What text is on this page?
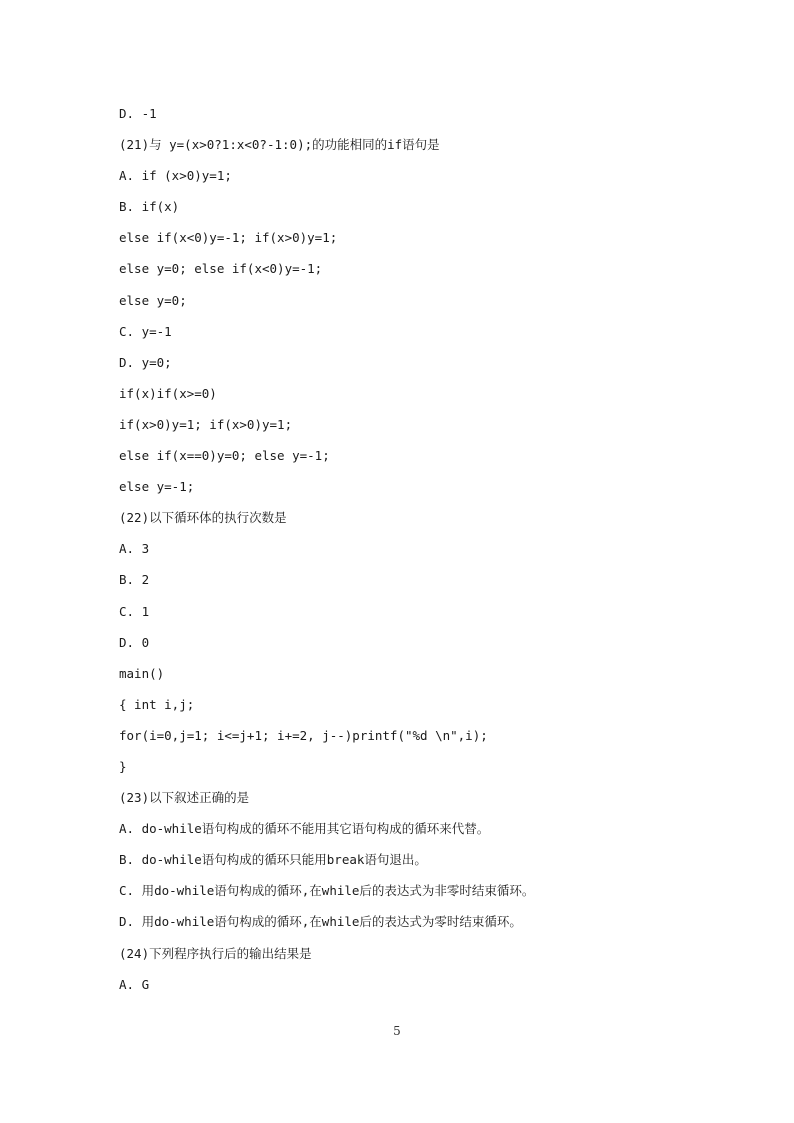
D. -1
(21)与 y=(x>0?1:x<0?-1:0);的功能相同的if语句是
A. if (x>0)y=1;
B. if(x)
else if(x<0)y=-1; if(x>0)y=1;
else y=0; else if(x<0)y=-1;
else y=0;
C. y=-1
D. y=0;
if(x)if(x>=0)
if(x>0)y=1; if(x>0)y=1;
else if(x==0)y=0; else y=-1;
else y=-1;
(22)以下循环体的执行次数是
A. 3
B. 2
C. 1
D. 0
main()
{ int i,j;
for(i=0,j=1; i<=j+1; i+=2, j--)printf("%d \n",i);
}
(23)以下叙述正确的是
A. do-while语句构成的循环不能用其它语句构成的循环来代替。
B. do-while语句构成的循环只能用break语句退出。
C. 用do-while语句构成的循环,在while后的表达式为非零时结束循环。
D. 用do-while语句构成的循环,在while后的表达式为零时结束循环。
(24)下列程序执行后的输出结果是
A. G
5
